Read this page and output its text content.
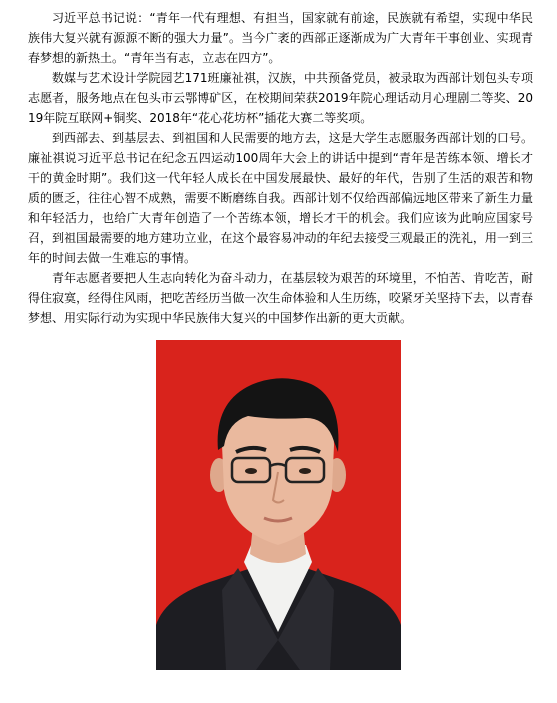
习近平总书记说：“青年一代有理想、有担当，国家就有前途，民族就有希望，实现中华民族伟大复兴就有源源不断的强大力量”。当今广袤的西部正逐渐成为广大青年干事创业、实现青春梦想的新热土。“青年当有志，立志在四方”。

数媒与艺术设计学院园艺171班廉祉祺，汉族，中共预备党员，被录取为西部计划包头专项志愿者，服务地点在包头市云鄂博矿区，在校期间荣获2019年院心理话动月心理剧二等奖、2019年院互联网+铜奖、2018年“花心花坊杯”插花大赛二等奖项。

到西部去、到基层去、到祖国和人民需要的地方去，这是大学生志愿服务西部计划的口号。廉祉祺说习近平总书记在纪念五四运动100周年大会上的讲话中提到“青年是苦练本领、增长才干的黄金时期”。我们这一代年轻人成长在中国发展最快、最好的年代，告别了生活的艰苦和物质的匮乏，往往心智不成熟，需要不断磨练自我。西部计划不仅给西部偏远地区带来了新生力量和年轻活力，也给广大青年创造了一个苦练本领，增长才干的机会。我们应该为此响应国家号召，到祖国最需要的地方建功立业，在这个最容易冲动的年纪去接受三观最正的洗礼，用一到三年的时间去做一生难忘的事情。

青年志愿者要把人生志向转化为奋斗动力，在基层较为艰苦的环境里，不怕苦、肯吃苦，耐得住寂寞，经得住风雨，把吃苦经历当做一次生命体验和人生历练，咬紧牙关坚持下去，以青春梦想、用实际行动为实现中华民族伟大复兴的中国梦作出新的更大贡献。
